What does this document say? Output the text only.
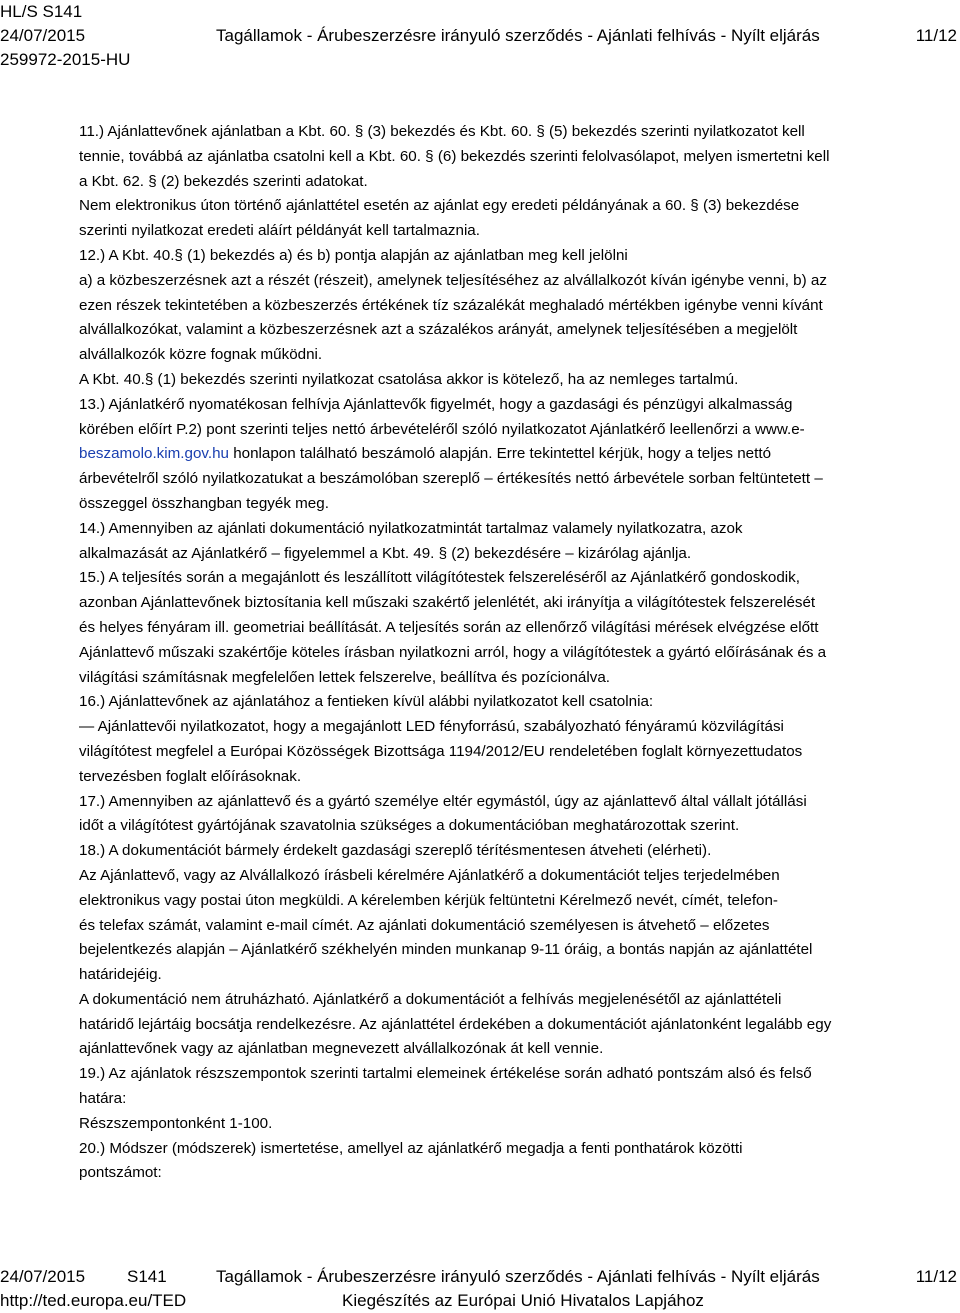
HL/S S141
24/07/2015	Tagállamok - Árubeszerzésre irányuló szerződés - Ajánlati felhívás - Nyílt eljárás	11/12
259972-2015-HU

11.) Ajánlattevőnek ajánlatban a Kbt. 60. § (3) bekezdés és Kbt. 60. § (5) bekezdés szerinti nyilatkozatot kell

tennie, továbbá az ajánlatba csatolni kell a Kbt. 60. § (6) bekezdés szerinti felolvasólapot, melyen ismertetni kell

a Kbt. 62. § (2) bekezdés szerinti adatokat.

Nem elektronikus úton történő ajánlattétel esetén az ajánlat egy eredeti példányának a 60. § (3) bekezdése

szerinti nyilatkozat eredeti aláírt példányát kell tartalmaznia.

12.) A Kbt. 40.§ (1) bekezdés a) és b) pontja alapján az ajánlatban meg kell jelölni

a) a közbeszerzésnek azt a részét (részeit), amelynek teljesítéséhez az alvállalkozót kíván igénybe venni, b) az

ezen részek tekintetében a közbeszerzés értékének tíz százalékát meghaladó mértékben igénybe venni kívánt

alvállalkozókat, valamint a közbeszerzésnek azt a százalékos arányát, amelynek teljesítésében a megjelölt

alvállalkozók közre fognak működni.

A Kbt. 40.§ (1) bekezdés szerinti nyilatkozat csatolása akkor is kötelező, ha az nemleges tartalmú.

13.) Ajánlatkérő nyomatékosan felhívja Ajánlattevők figyelmét, hogy a gazdasági és pénzügyi alkalmasság

körében előírt P.2) pont szerinti teljes nettó árbevételéről szóló nyilatkozatot Ajánlatkérő leellenőrzi a www.e-

beszamolo.kim.gov.hu honlapon található beszámoló alapján. Erre tekintettel kérjük, hogy a teljes nettó

árbevételről szóló nyilatkozatukat a beszámolóban szereplő – értékesítés nettó árbevétele sorban feltüntetett –

összeggel összhangban tegyék meg.

14.) Amennyiben az ajánlati dokumentáció nyilatkozatmintát tartalmaz valamely nyilatkozatra, azok

alkalmazását az Ajánlatkérő – figyelemmel a Kbt. 49. § (2) bekezdésére – kizárólag ajánlja.

15.) A teljesítés során a megajánlott és leszállított világítótestek felszereléséről az Ajánlatkérő gondoskodik,

azonban Ajánlattevőnek biztosítania kell műszaki szakértő jelenlétét, aki irányítja a világítótestek felszerelését

és helyes fényáram ill. geometriai beállítását. A teljesítés során az ellenőrző világítási mérések elvégzése előtt

Ajánlattevő műszaki szakértője köteles írásban nyilatkozni arról, hogy a világítótestek a gyártó előírásának és a

világítási számításnak megfelelően lettek felszerelve, beállítva és pozícionálva.

16.) Ajánlattevőnek az ajánlatához a fentieken kívül alábbi nyilatkozatot kell csatolnia:

— Ajánlattevői nyilatkozatot, hogy a megajánlott LED fényforrású, szabályozható fényáramú közvilágítási

világítótest megfelel a Európai Közösségek Bizottsága 1194/2012/EU rendeletében foglalt környezettudatos

tervezésben foglalt előírásoknak.

17.) Amennyiben az ajánlattevő és a gyártó személye eltér egymástól, úgy az ajánlattevő által vállalt jótállási

időt a világítótest gyártójának szavatolnia szükséges a dokumentációban meghatározottak szerint.

18.) A dokumentációt bármely érdekelt gazdasági szereplő térítésmentesen átveheti (elérheti).

Az Ajánlattevő, vagy az Alvállalkozó írásbeli kérelmére Ajánlatkérő a dokumentációt teljes terjedelmében

elektronikus vagy postai úton megküldi. A kérelemben kérjük feltüntetni Kérelmező nevét, címét, telefon-

és telefax számát, valamint e-mail címét. Az ajánlati dokumentáció személyesen is átvehető – előzetes

bejelentkezés alapján – Ajánlatkérő székhelyén minden munkanap 9-11 óráig, a bontás napján az ajánlattétel

határidejéig.

A dokumentáció nem átruházható. Ajánlatkérő a dokumentációt a felhívás megjelenésétől az ajánlattételi

határidő lejártáig bocsátja rendelkezésre. Az ajánlattétel érdekében a dokumentációt ajánlatonként legalább egy

ajánlattevőnek vagy az ajánlatban megnevezett alvállalkozónak át kell vennie.

19.) Az ajánlatok részszempontok szerinti tartalmi elemeinek értékelése során adható pontszám alsó és felső

határa:

Részszempontonként 1-100.

20.) Módszer (módszerek) ismertetése, amellyel az ajánlatkérő megadja a fenti ponthatárok közötti

pontszámot:

24/07/2015 S141	Tagállamok - Árubeszerzésre irányuló szerződés - Ajánlati felhívás - Nyílt eljárás	11/12
http://ted.europa.eu/TED	Kiegészítés az Európai Unió Hivatalos Lapjához
